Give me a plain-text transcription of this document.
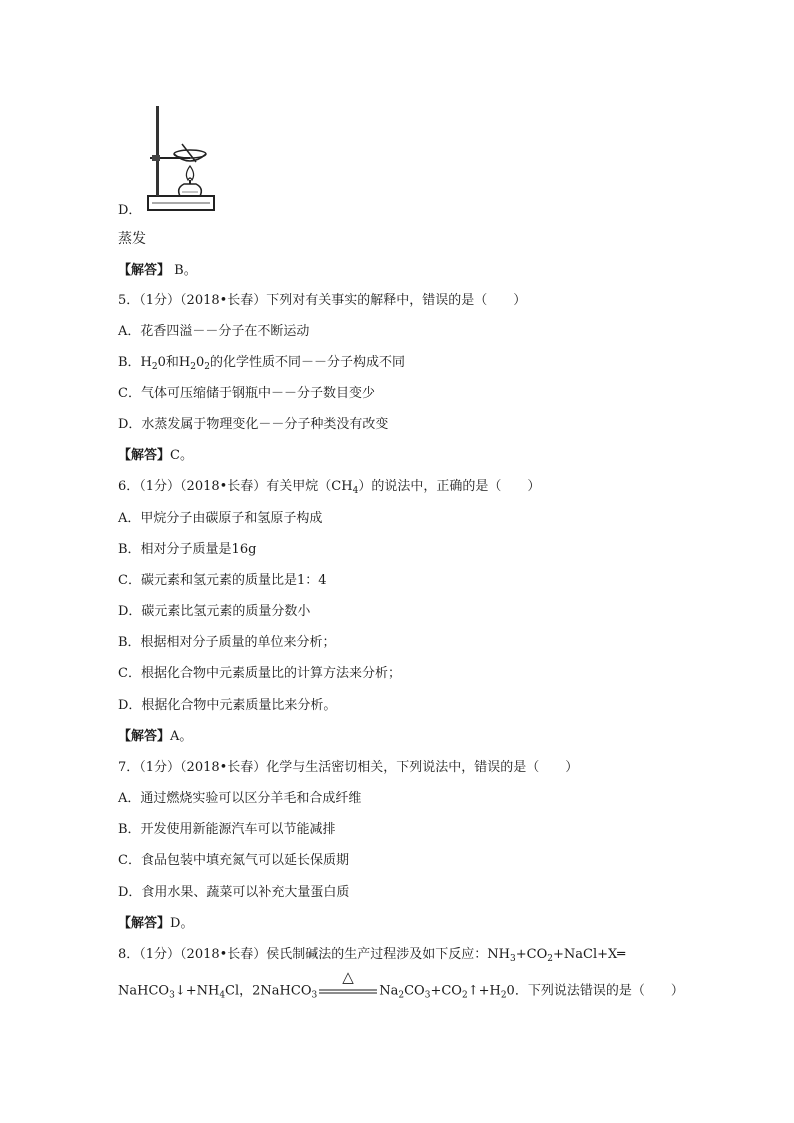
D．
蒸发
【解答】 B。
5．（1分）（2018•长春）下列对有关事实的解释中，错误的是（　　）
A．花香四溢－－分子在不断运动
B．$H_20$和$H_20_2$的化学性质不同－－分子构成不同
C．气体可压缩储于钢瓶中－－分子数目变少
D．水蒸发属于物理变化－－分子种类没有改变
【解答】C。
6．（1分）（2018•长春）有关甲烷$(CH_4)$的说法中，正确的是（　　）
A．甲烷分子由碳原子和氢原子构成
B．相对分子质量是16g
C．碳元素和氢元素的质量比是1：4
D．碳元素比氢元素的质量分数小
B．根据相对分子质量的单位来分析；
C．根据化合物中元素质量比的计算方法来分析；
D．根据化合物中元素质量比来分析。
【解答】A。
7．（1分）（2018•长春）化学与生活密切相关，下列说法中，错误的是（　　）
A．通过燃烧实验可以区分羊毛和合成纤维
B．开发使用新能源汽车可以节能减排
C．食品包装中填充氮气可以延长保质期
D．食用水果、蔬菜可以补充大量蛋白质
【解答】D。
8．（1分）（2018•长春）侯氏制碱法的生产过程涉及如下反应：$NH_3+CO_2+NaCl+X═$
$NaHCO_3↓+NH_4Cl$，2NaHCO$_3$
△
$Na_2CO_3+CO_2↑+H_20$．下列说法错误的是（　　）
